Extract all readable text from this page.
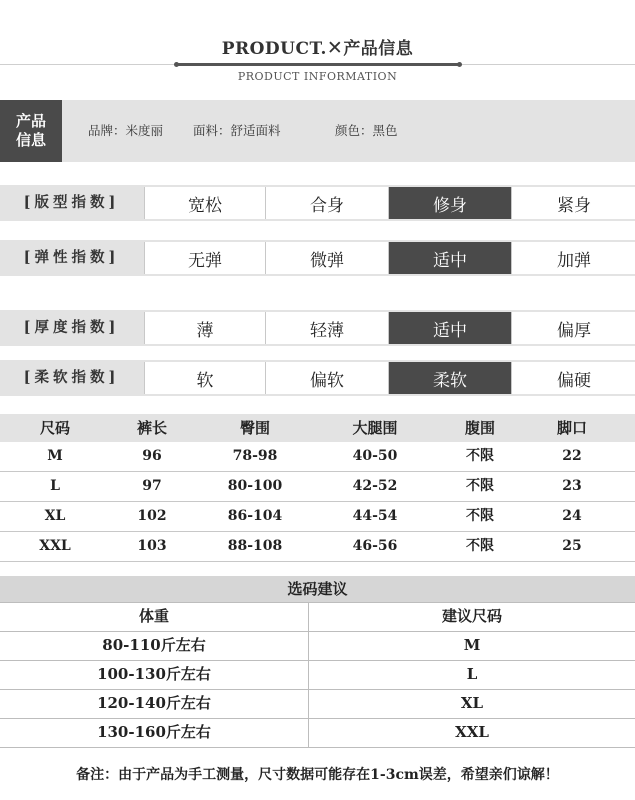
PRODUCT.✕产品信息
PRODUCT INFORMATION
产品
信息
品牌：米度丽 面料：舒适面料	颜色：黑色
[版型指数]	宽松	合身	修身	紧身
[弹性指数]	无弹	微弹	适中	加弹
[厚度指数]	薄	轻薄	适中	偏厚
[柔软指数]	软	偏软	柔软	偏硬
尺码	裤长	臀围	大腿围	腹围	脚口
M	96	78-98	40-50	不限	22
L	97	80-100	42-52	不限	23
XL	102	86-104	44-54	不限	24
XXL	103	88-108	46-56	不限	25
选码建议
体重	建议尺码
80-110斤左右	M
100-130斤左右	L
120-140斤左右	XL
130-160斤左右	XXL
备注：由于产品为手工测量，尺寸数据可能存在1-3cm误差，希望亲们谅解！
